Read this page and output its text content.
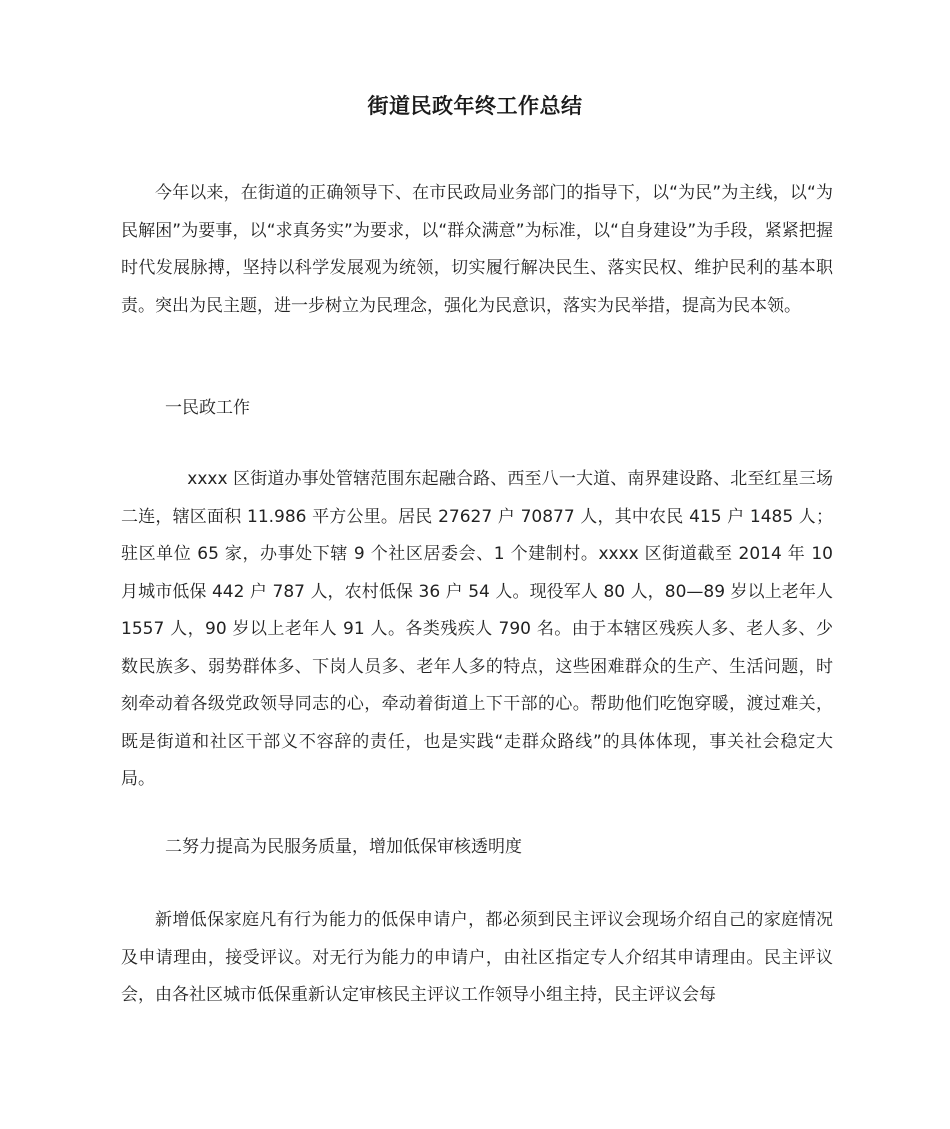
街道民政年终工作总结

今年以来，在街道的正确领导下、在市民政局业务部门的指导下，以“为民”为主线，以“为民解困”为要事，以“求真务实”为要求，以“群众满意”为标准，以“自身建设”为手段，紧紧把握时代发展脉搏，坚持以科学发展观为统领，切实履行解决民生、落实民权、维护民利的基本职责。突出为民主题，进一步树立为民理念，强化为民意识，落实为民举措，提高为民本领。

一民政工作

xxxx 区街道办事处管辖范围东起融合路、西至八一大道、南界建设路、北至红星三场二连，辖区面积 11.986 平方公里。居民 27627 户 70877 人，其中农民 415 户 1485 人；驻区单位 65 家，办事处下辖 9 个社区居委会、1 个建制村。xxxx 区街道截至 2014 年 10 月城市低保 442 户 787 人，农村低保 36 户 54 人。现役军人 80 人，80—89 岁以上老年人 1557 人，90 岁以上老年人 91 人。各类残疾人 790 名。由于本辖区残疾人多、老人多、少数民族多、弱势群体多、下岗人员多、老年人多的特点，这些困难群众的生产、生活问题，时刻牵动着各级党政领导同志的心，牵动着街道上下干部的心。帮助他们吃饱穿暖，渡过难关，既是街道和社区干部义不容辞的责任，也是实践“走群众路线”的具体体现，事关社会稳定大局。

二努力提高为民服务质量，增加低保审核透明度

新增低保家庭凡有行为能力的低保申请户，都必须到民主评议会现场介绍自己的家庭情况及申请理由，接受评议。对无行为能力的申请户，由社区指定专人介绍其申请理由。民主评议会，由各社区城市低保重新认定审核民主评议工作领导小组主持，民主评议会每
